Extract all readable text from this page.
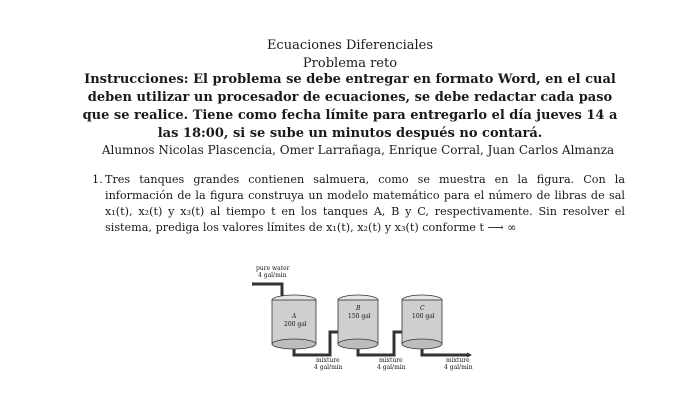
Ecuaciones Diferenciales
Problema reto
Instrucciones: El problema se debe entregar en formato Word, en el cual deben utilizar un procesador de ecuaciones, se debe redactar cada paso que se realice. Tiene como fecha límite para entregarlo el día jueves 14 a las 18:00, si se sube un minutos después no contará.
Alumnos Nicolas Plascencia, Omer Larrañaga, Enrique Corral, Juan Carlos Almanza
1. Tres tanques grandes contienen salmuera, como se muestra en la figura. Con la información de la figura construya un modelo matemático para el número de libras de sal x₁(t), x₂(t) y x₃(t) al tiempo t en los tanques A, B y C, respectivamente. Sin resolver el sistema, prediga los valores límites de x₁(t), x₂(t) y x₃(t) conforme t ⟶ ∞
pure water
4 gal/min
A
200 gal
B
150 gal
C
100 gal
mixture
4 gal/min
mixture
4 gal/min
mixture
4 gal/min
